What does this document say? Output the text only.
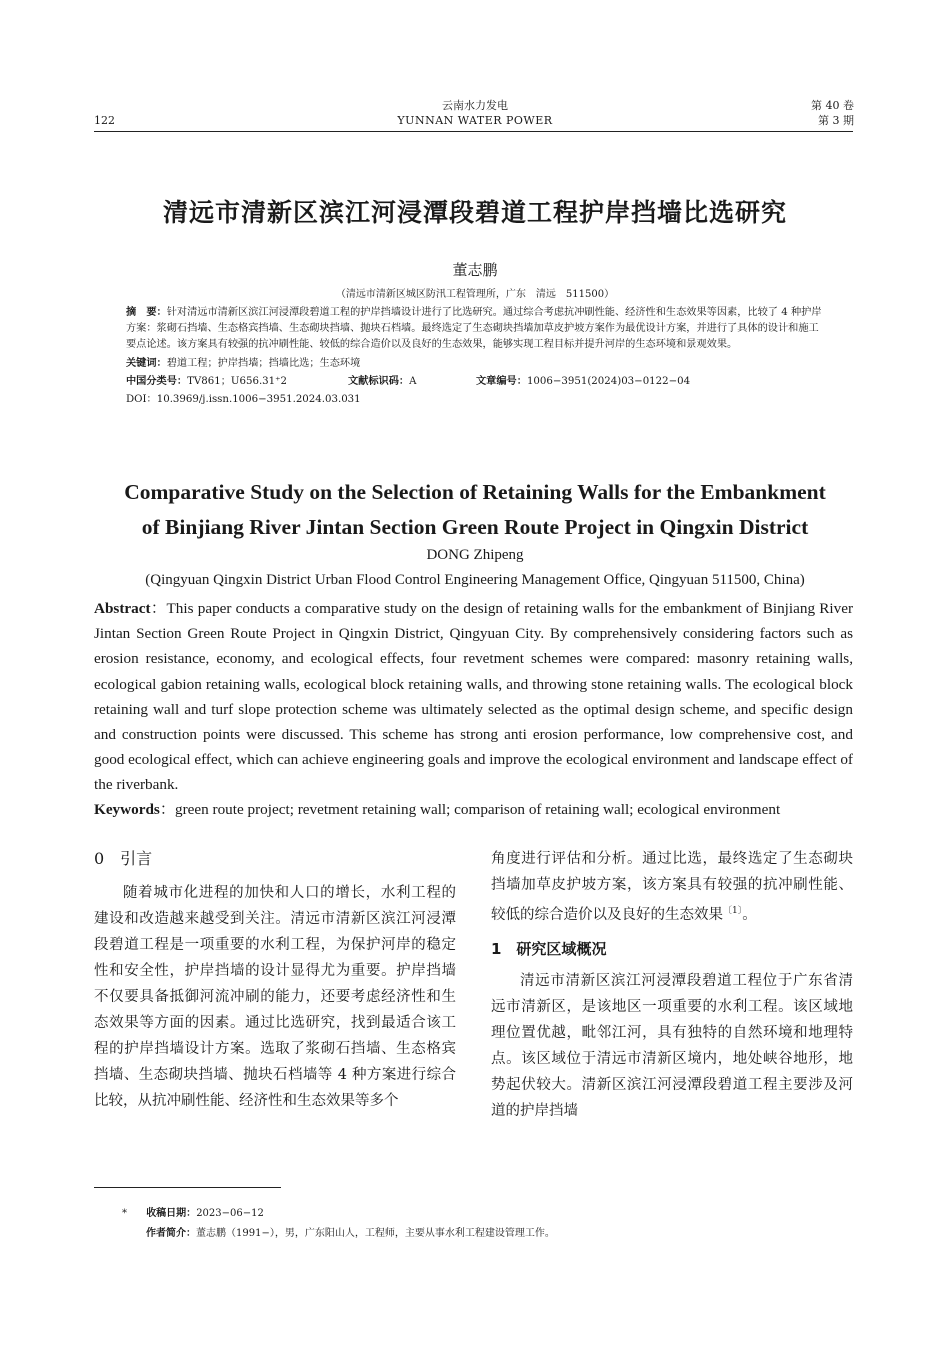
122
云南水力发电
YUNNAN WATER POWER
第 40 卷
第 3 期
清远市清新区滨江河浸潭段碧道工程护岸挡墙比选研究
董志鹏
（清远市清新区城区防汛工程管理所，广东　清远　511500）

摘　要：针对清远市清新区滨江河浸潭段碧道工程的护岸挡墙设计进行了比选研究。通过综合考虑抗冲刷性能、经济性和生态效果等因素，比较了 4 种护岸方案：浆砌石挡墙、生态格宾挡墙、生态砌块挡墙、抛块石档墙。最终选定了生态砌块挡墙加草皮护坡方案作为最优设计方案，并进行了具体的设计和施工要点论述。该方案具有较强的抗冲刷性能、较低的综合造价以及良好的生态效果，能够实现工程目标并提升河岸的生态环境和景观效果。

关键词：碧道工程；护岸挡墙；挡墙比选；生态环境
中国分类号：TV861；U656.31⁺2	文献标识码：A	文章编号：1006−3951(2024)03−0122−04
DOI：10.3969/j.issn.1006−3951.2024.03.031
Comparative Study on the Selection of Retaining Walls for the Embankment
of Binjiang River Jintan Section Green Route Project in Qingxin District
DONG Zhipeng
(Qingyuan Qingxin District Urban Flood Control Engineering Management Office, Qingyuan 511500, China)

Abstract：This paper conducts a comparative study on the design of retaining walls for the embankment of Binjiang River Jintan Section Green Route Project in Qingxin District, Qingyuan City. By comprehensively considering factors such as erosion resistance, economy, and ecological effects, four revetment schemes were compared: masonry retaining walls, ecological gabion retaining walls, ecological block retaining walls, and throwing stone retaining walls. The ecological block retaining wall and turf slope protection scheme was ultimately selected as the optimal design scheme, and specific design and construction points were discussed. This scheme has strong anti erosion performance, low comprehensive cost, and good ecological effect, which can achieve engineering goals and improve the ecological environment and landscape effect of the riverbank.

Keywords：green route project; revetment retaining wall; comparison of retaining wall; ecological environment
0　引言

随着城市化进程的加快和人口的增长，水利工程的建设和改造越来越受到关注。清远市清新区滨江河浸潭段碧道工程是一项重要的水利工程，为保护河岸的稳定性和安全性，护岸挡墙的设计显得尤为重要。护岸挡墙不仅要具备抵御河流冲刷的能力，还要考虑经济性和生态效果等方面的因素。通过比选研究，找到最适合该工程的护岸挡墙设计方案。选取了浆砌石挡墙、生态格宾挡墙、生态砌块挡墙、抛块石档墙等 4 种方案进行综合比较，从抗冲刷性能、经济性和生态效果等多个

角度进行评估和分析。通过比选，最终选定了生态砌块挡墙加草皮护坡方案，该方案具有较强的抗冲刷性能、较低的综合造价以及良好的生态效果$^{〔1〕}$。

1　研究区域概况

清远市清新区滨江河浸潭段碧道工程位于广东省清远市清新区，是该地区一项重要的水利工程。该区域地理位置优越，毗邻江河，具有独特的自然环境和地理特点。该区域位于清远市清新区境内，地处峡谷地形，地势起伏较大。清新区滨江河浸潭段碧道工程主要涉及河道的护岸挡墙

* 收稿日期：2023−06−12
作者简介：董志鹏（1991−），男，广东阳山人，工程师，主要从事水利工程建设管理工作。
